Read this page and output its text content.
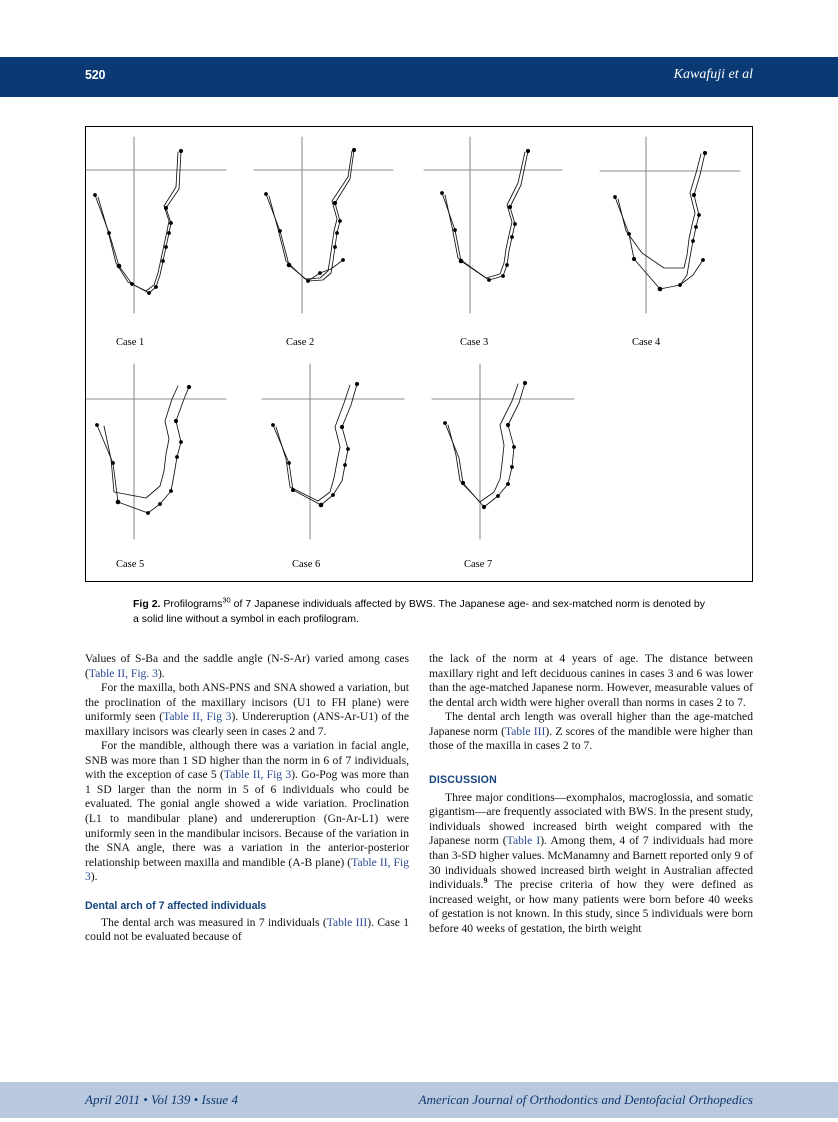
520	Kawafuji et al
Case 1	Case 2	Case 3	Case 4
Case 5	Case 6	Case 7
Fig 2. Profilograms$^{30}$ of 7 Japanese individuals affected by BWS. The Japanese age- and sex-matched norm is denoted by a solid line without a symbol in each profilogram.

Values of S-Ba and the saddle angle (N-S-Ar) varied among cases (Table II, Fig. 3).

For the maxilla, both ANS-PNS and SNA showed a variation, but the proclination of the maxillary incisors (U1 to FH plane) were uniformly seen (Table II, Fig 3). Undereruption (ANS-Ar-U1) of the maxillary incisors was clearly seen in cases 2 and 7.

For the mandible, although there was a variation in facial angle, SNB was more than 1 SD higher than the norm in 6 of 7 individuals, with the exception of case 5 (Table II, Fig 3). Go-Pog was more than 1 SD larger than the norm in 5 of 6 individuals who could be evaluated. The gonial angle showed a wide variation. Proclination (L1 to mandibular plane) and undereruption (Gn-Ar-L1) were uniformly seen in the mandibular incisors. Because of the variation in the SNA angle, there was a variation in the anterior-posterior relationship between maxilla and mandible (A-B plane) (Table II, Fig 3).

Dental arch of 7 affected individuals

The dental arch was measured in 7 individuals (Table III). Case 1 could not be evaluated because of

the lack of the norm at 4 years of age. The distance between maxillary right and left deciduous canines in cases 3 and 6 was lower than the age-matched Japanese norm. However, measurable values of the dental arch width were higher overall than norms in cases 2 to 7.

The dental arch length was overall higher than the age-matched Japanese norm (Table III). Z scores of the mandible were higher than those of the maxilla in cases 2 to 7.

DISCUSSION

Three major conditions—exomphalos, macroglossia, and somatic gigantism—are frequently associated with BWS. In the present study, individuals showed increased birth weight compared with the Japanese norm (Table I). Among them, 4 of 7 individuals had more than 3-SD higher values. McManamny and Barnett reported only 9 of 30 individuals showed increased birth weight in Australian affected individuals.$^9$ The precise criteria of how they were defined as increased weight, or how many patients were born before 40 weeks of gestation is not known. In this study, since 5 individuals were born before 40 weeks of gestation, the birth weight

April 2011 • Vol 139 • Issue 4	American Journal of Orthodontics and Dentofacial Orthopedics
